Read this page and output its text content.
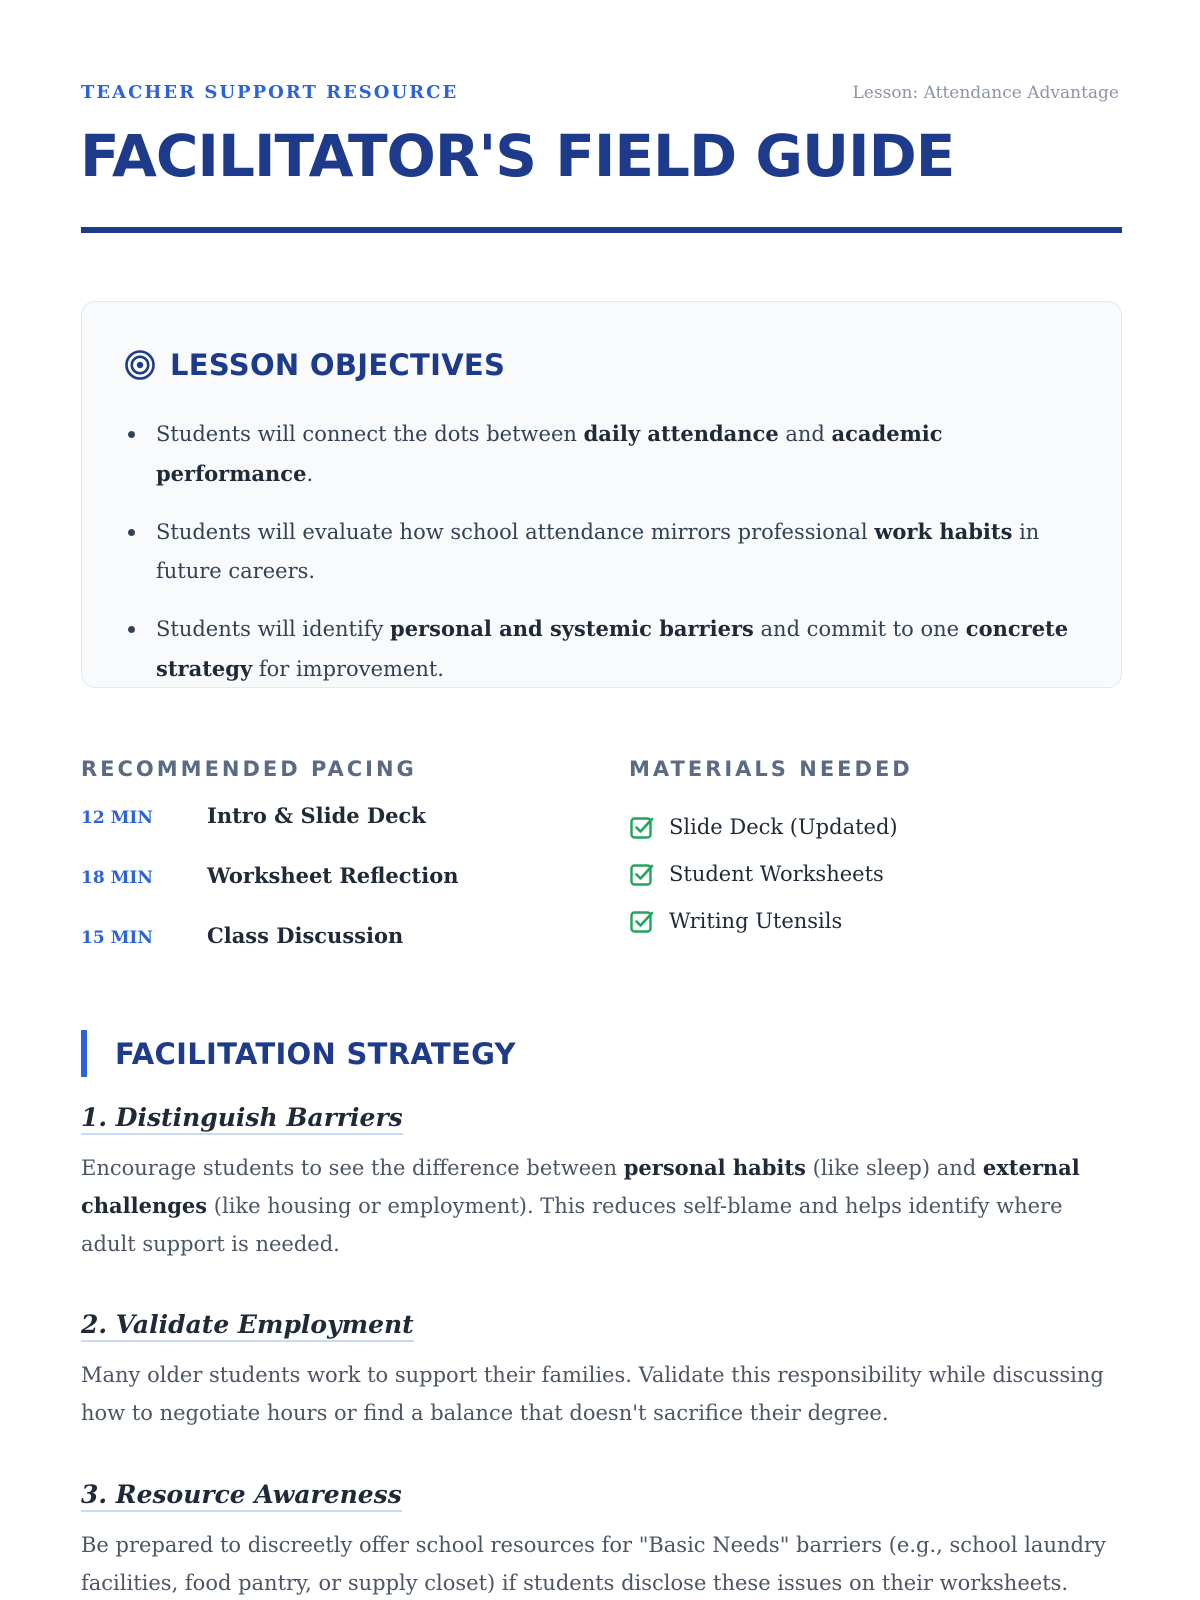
TEACHER SUPPORT RESOURCE	Lesson: Attendance Advantage
FACILITATOR'S FIELD GUIDE
LESSON OBJECTIVES
Students will connect the dots between daily attendance and academic performance.
Students will evaluate how school attendance mirrors professional work habits in future careers.
Students will identify personal and systemic barriers and commit to one concrete strategy for improvement.
RECOMMENDED PACING
12 MIN	Intro & Slide Deck
18 MIN	Worksheet Reflection
15 MIN	Class Discussion
MATERIALS NEEDED
Slide Deck (Updated)
Student Worksheets
Writing Utensils
FACILITATION STRATEGY
1. Distinguish Barriers

Encourage students to see the difference between personal habits (like sleep) and external challenges (like housing or employment). This reduces self-blame and helps identify where adult support is needed.

2. Validate Employment

Many older students work to support their families. Validate this responsibility while discussing how to negotiate hours or find a balance that doesn't sacrifice their degree.

3. Resource Awareness

Be prepared to discreetly offer school resources for "Basic Needs" barriers (e.g., school laundry facilities, food pantry, or supply closet) if students disclose these issues on their worksheets.
